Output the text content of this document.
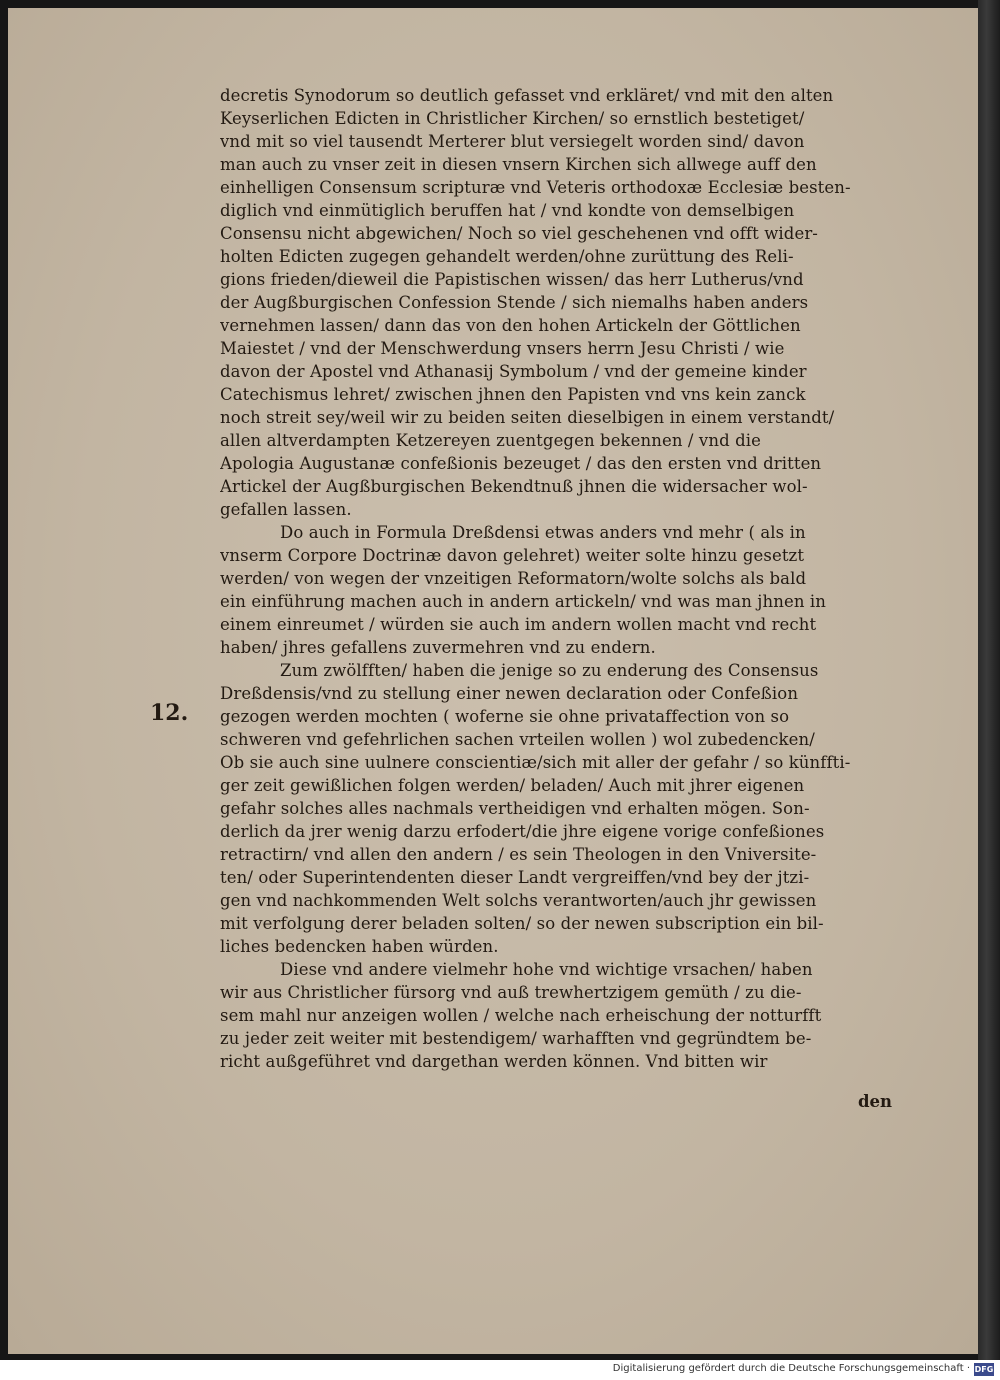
decretis Synodorum so deutlich gefasset vnd erkläret/ vnd mit den alten
Keyserlichen Edicten in Christlicher Kirchen/ so ernstlich bestetiget/
vnd mit so viel tausendt Merterer blut versiegelt worden sind/ davon
man auch zu vnser zeit in diesen vnsern Kirchen sich allwege auff den
einhelligen Consensum scripturæ vnd Veteris orthodoxæ Ecclesiæ besten-
diglich vnd einmütiglich beruffen hat / vnd kondte von demselbigen
Consensu nicht abgewichen/ Noch so viel geschehenen vnd offt wider-
holten Edicten zugegen gehandelt werden/ohne zurüttung des Reli-
gions frieden/dieweil die Papistischen wissen/ das herr Lutherus/vnd
der Augßburgischen Confession Stende / sich niemalhs haben anders
vernehmen lassen/ dann das von den hohen Artickeln der Göttlichen
Maiestet / vnd der Menschwerdung vnsers herrn Jesu Christi / wie
davon der Apostel vnd Athanasij Symbolum / vnd der gemeine kinder
Catechismus lehret/ zwischen jhnen den Papisten vnd vns kein zanck
noch streit sey/weil wir zu beiden seiten dieselbigen in einem verstandt/
allen altverdampten Ketzereyen zuentgegen bekennen / vnd die
Apologia Augustanæ confeßionis bezeuget / das den ersten vnd dritten
Artickel der Augßburgischen Bekendtnuß jhnen die widersacher wol-
gefallen lassen.
Do auch in Formula Dreßdensi etwas anders vnd mehr ( als in
vnserm Corpore Doctrinæ davon gelehret) weiter solte hinzu gesetzt
werden/ von wegen der vnzeitigen Reformatorn/wolte solchs als bald
ein einführung machen auch in andern artickeln/ vnd was man jhnen in
einem einreumet / würden sie auch im andern wollen macht vnd recht
haben/ jhres gefallens zuvermehren vnd zu endern.
Zum zwölfften/ haben die jenige so zu enderung des Consensus
Dreßdensis/vnd zu stellung einer newen declaration oder Confeßion
gezogen werden mochten ( woferne sie ohne privataffection von so
schweren vnd gefehrlichen sachen vrteilen wollen ) wol zubedencken/
Ob sie auch sine uulnere conscientiæ/sich mit aller der gefahr / so künffti-
ger zeit gewißlichen folgen werden/ beladen/ Auch mit jhrer eigenen
gefahr solches alles nachmals vertheidigen vnd erhalten mögen. Son-
derlich da jrer wenig darzu erfodert/die jhre eigene vorige confeßiones
retractirn/ vnd allen den andern / es sein Theologen in den Vniversite-
ten/ oder Superintendenten dieser Landt vergreiffen/vnd bey der jtzi-
gen vnd nachkommenden Welt solchs verantworten/auch jhr gewissen
mit verfolgung derer beladen solten/ so der newen subscription ein bil-
liches bedencken haben würden.
Diese vnd andere vielmehr hohe vnd wichtige vrsachen/ haben
wir aus Christlicher fürsorg vnd auß trewhertzigem gemüth / zu die-
sem mahl nur anzeigen wollen / welche nach erheischung der notturfft
zu jeder zeit weiter mit bestendigem/ warhafften vnd gegründtem be-
richt außgeführet vnd dargethan werden können. Vnd bitten wir
12.
den
Digitalisierung gefördert durch die Deutsche Forschungsgemeinschaft · DFG
